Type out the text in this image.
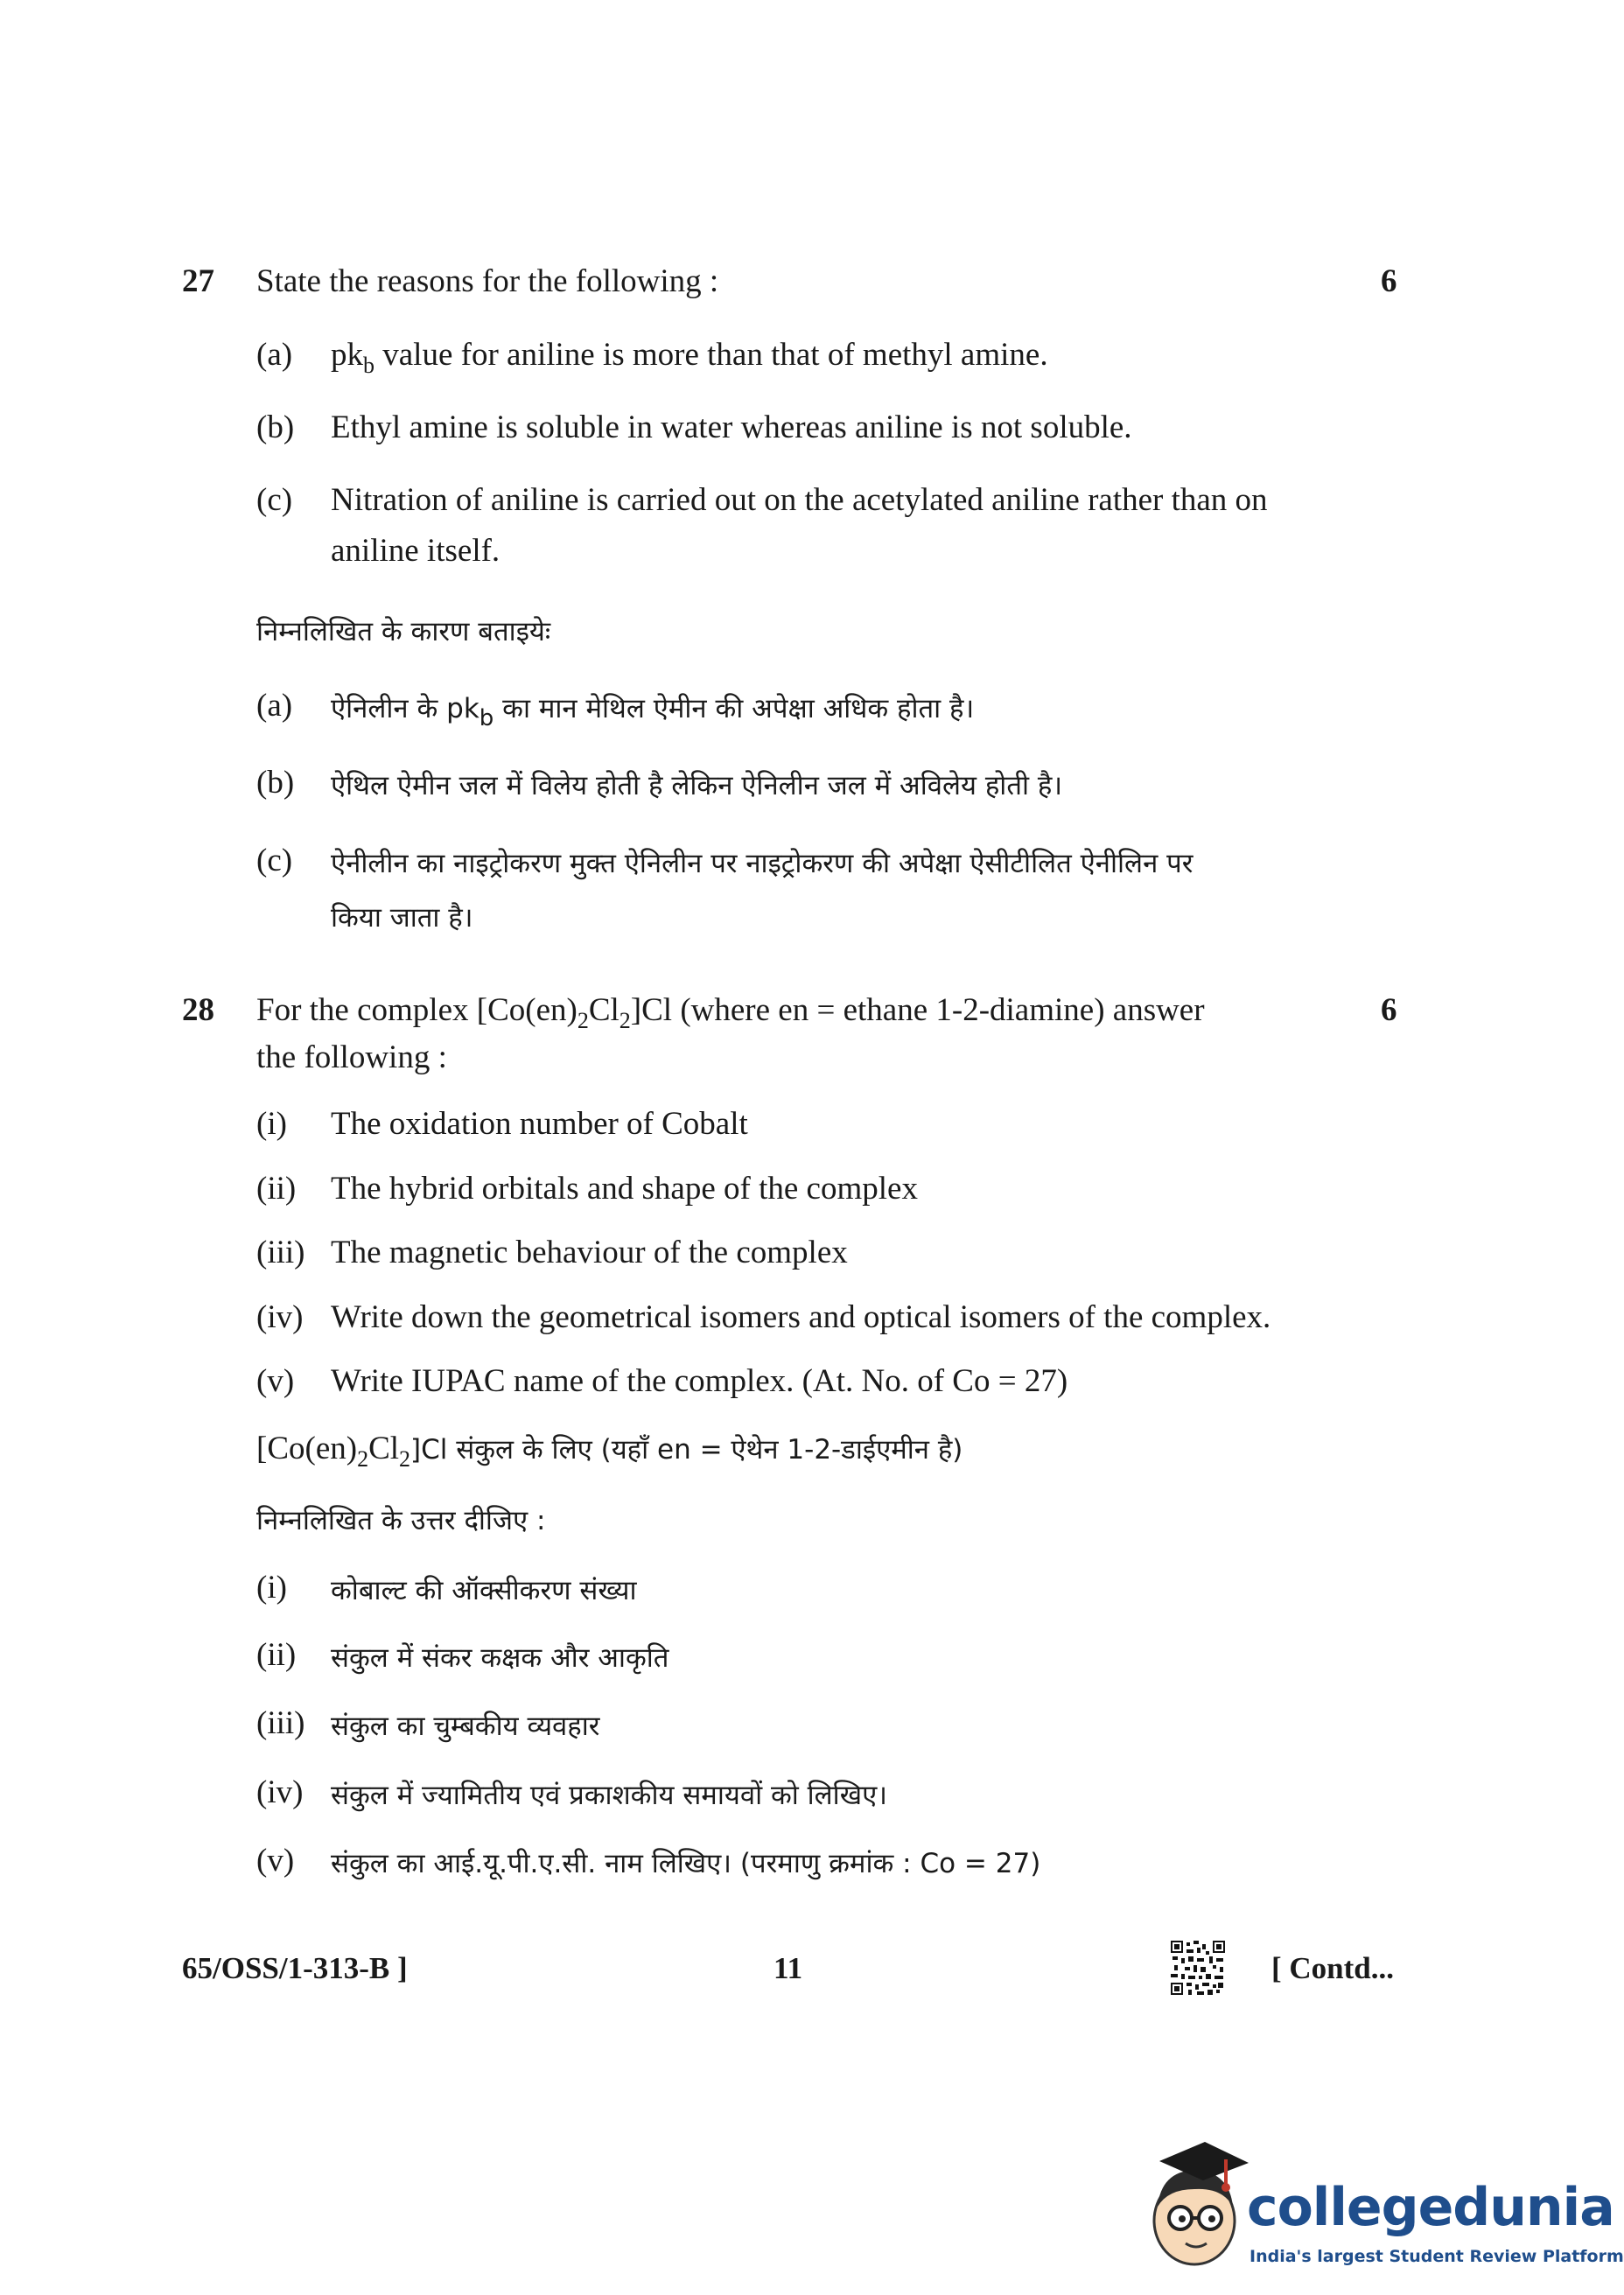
27 State the reasons for the following :	6
(a) $pk_b$ value for aniline is more than that of methyl amine.
(b) Ethyl amine is soluble in water whereas aniline is not soluble.
(c) Nitration of aniline is carried out on the acetylated aniline rather than on
aniline itself.
निम्नलिखित के कारण बताइयेः
(a) ऐनिलीन के $pk_b$ का मान मेथिल ऐमीन की अपेक्षा अधिक होता है।
(b) ऐथिल ऐमीन जल में विलेय होती है लेकिन ऐनिलीन जल में अविलेय होती है।
(c) ऐनीलीन का नाइट्रोकरण मुक्त ऐनिलीन पर नाइट्रोकरण की अपेक्षा ऐसीटीलित ऐनीलिन पर
किया जाता है।
28 For the complex $[Co(en)_2Cl_2]Cl$ (where en = ethane 1-2-diamine) answer	6
the following :
(i) The oxidation number of Cobalt
(ii) The hybrid orbitals and shape of the complex
(iii) The magnetic behaviour of the complex
(iv) Write down the geometrical isomers and optical isomers of the complex.
(v) Write IUPAC name of the complex. (At. No. of Co = 27)
$[Co(en)_2Cl_2]Cl$ संकुल के लिए (यहाँ en = ऐथेन 1-2-डाईएमीन है)
निम्नलिखित के उत्तर दीजिए :
(i) कोबाल्ट की ऑक्सीकरण संख्या
(ii) संकुल में संकर कक्षक और आकृति
(iii) संकुल का चुम्बकीय व्यवहार
(iv) संकुल में ज्यामितीय एवं प्रकाशकीय समायवों को लिखिए।
(v) संकुल का आई.यू.पी.ए.सी. नाम लिखिए। (परमाणु क्रमांक : Co = 27)
65/OSS/1-313-B ]	11	[ Contd...
collegedunia
India's largest Student Review Platform
